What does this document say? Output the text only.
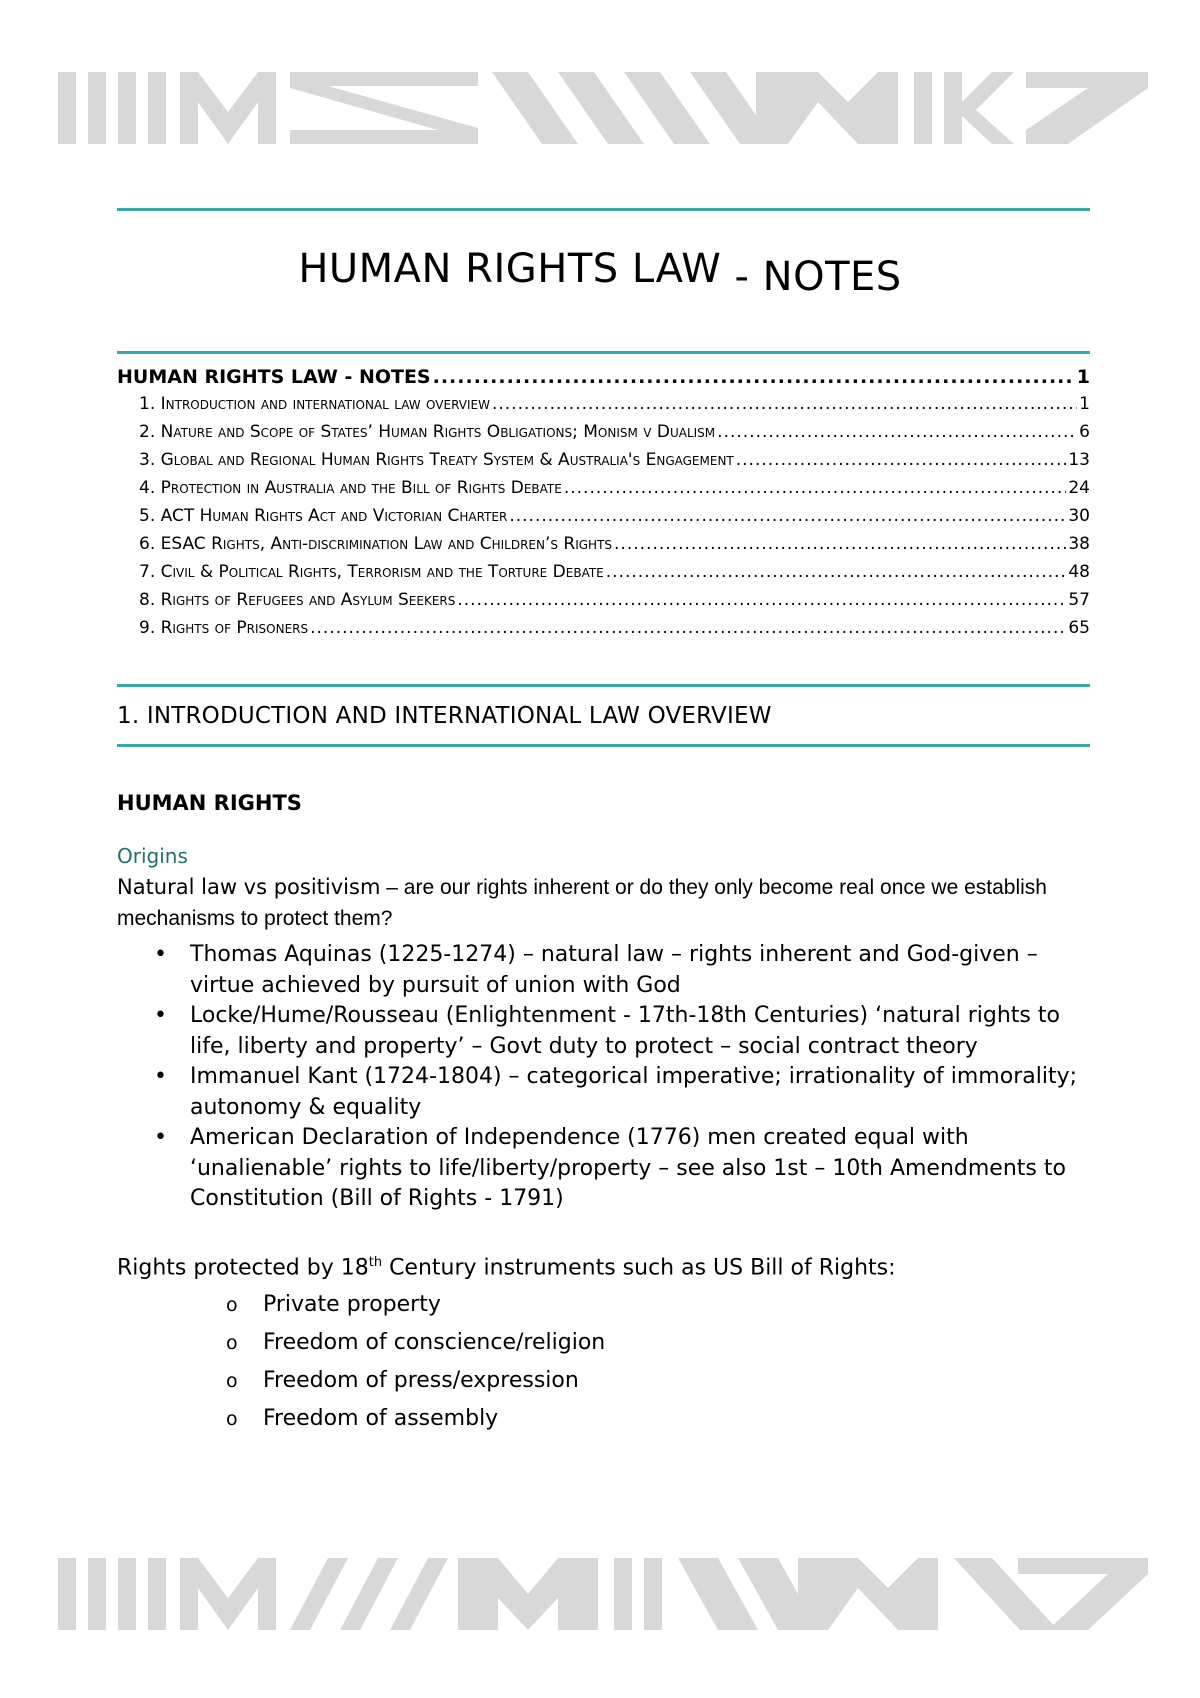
HUMAN RIGHTS LAW - NOTES
HUMAN RIGHTS LAW - NOTES .....	1
1. Introduction and international law overview .....	1
2. Nature and Scope of States’ Human Rights Obligations; Monism v Dualism .....	6
3. Global and Regional Human Rights Treaty System & Australia's Engagement .....	13
4. Protection in Australia and the Bill of Rights Debate .....	24
5. ACT Human Rights Act and Victorian Charter .....	30
6. ESAC Rights, Anti-discrimination Law and Children’s Rights .....	38
7. Civil & Political Rights, Terrorism and the Torture Debate .....	48
8. Rights of Refugees and Asylum Seekers .....	57
9. Rights of Prisoners .....	65
1. INTRODUCTION AND INTERNATIONAL LAW OVERVIEW
HUMAN RIGHTS
Origins
Natural law vs positivism – are our rights inherent or do they only become real once we establish mechanisms to protect them?
• Thomas Aquinas (1225-1274) – natural law – rights inherent and God-given – virtue achieved by pursuit of union with God
• Locke/Hume/Rousseau (Enlightenment - 17th-18th Centuries) ‘natural rights to life, liberty and property’ – Govt duty to protect – social contract theory
• Immanuel Kant (1724-1804) – categorical imperative; irrationality of immorality; autonomy & equality
• American Declaration of Independence (1776) men created equal with ‘unalienable’ rights to life/liberty/property – see also 1st – 10th Amendments to Constitution (Bill of Rights - 1791)
Rights protected by 18th Century instruments such as US Bill of Rights:
o Private property
o Freedom of conscience/religion
o Freedom of press/expression
o Freedom of assembly
